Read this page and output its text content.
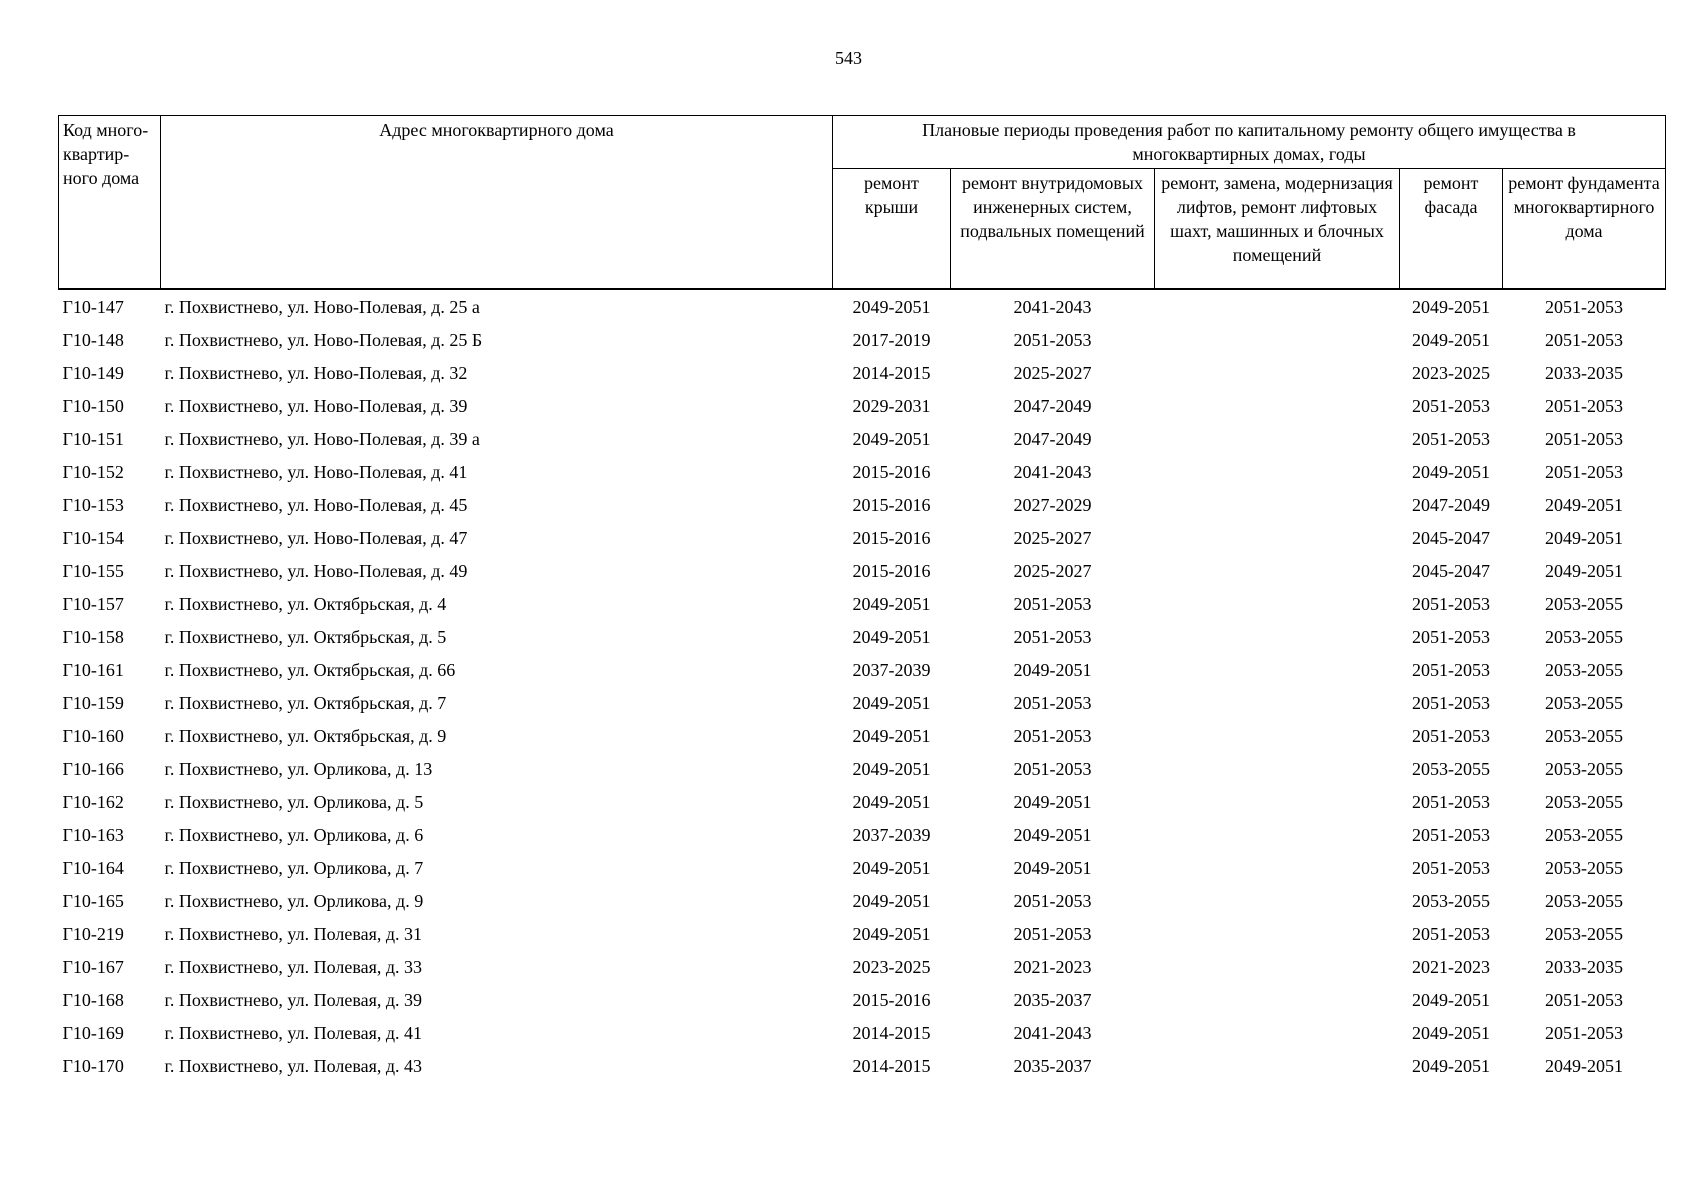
543
Код много-квартир-ного дома	Адрес многоквартирного дома	Плановые периоды проведения работ по капитальному ремонту общего имущества в многоквартирных домах, годы				
		ремонт крыши	ремонт внутридомовых инженерных систем, подвальных помещений	ремонт, замена, модернизация лифтов, ремонт лифтовых шахт, машинных и блочных помещений	ремонт фасада	ремонт фундамента многоквартирного дома
Г10-147	г. Похвистнево, ул. Ново-Полевая, д. 25 а	2049-2051	2041-2043		2049-2051	2051-2053
Г10-148	г. Похвистнево, ул. Ново-Полевая, д. 25 Б	2017-2019	2051-2053		2049-2051	2051-2053
Г10-149	г. Похвистнево, ул. Ново-Полевая, д. 32	2014-2015	2025-2027		2023-2025	2033-2035
Г10-150	г. Похвистнево, ул. Ново-Полевая, д. 39	2029-2031	2047-2049		2051-2053	2051-2053
Г10-151	г. Похвистнево, ул. Ново-Полевая, д. 39 а	2049-2051	2047-2049		2051-2053	2051-2053
Г10-152	г. Похвистнево, ул. Ново-Полевая, д. 41	2015-2016	2041-2043		2049-2051	2051-2053
Г10-153	г. Похвистнево, ул. Ново-Полевая, д. 45	2015-2016	2027-2029		2047-2049	2049-2051
Г10-154	г. Похвистнево, ул. Ново-Полевая, д. 47	2015-2016	2025-2027		2045-2047	2049-2051
Г10-155	г. Похвистнево, ул. Ново-Полевая, д. 49	2015-2016	2025-2027		2045-2047	2049-2051
Г10-157	г. Похвистнево, ул. Октябрьская, д. 4	2049-2051	2051-2053		2051-2053	2053-2055
Г10-158	г. Похвистнево, ул. Октябрьская, д. 5	2049-2051	2051-2053		2051-2053	2053-2055
Г10-161	г. Похвистнево, ул. Октябрьская, д. 66	2037-2039	2049-2051		2051-2053	2053-2055
Г10-159	г. Похвистнево, ул. Октябрьская, д. 7	2049-2051	2051-2053		2051-2053	2053-2055
Г10-160	г. Похвистнево, ул. Октябрьская, д. 9	2049-2051	2051-2053		2051-2053	2053-2055
Г10-166	г. Похвистнево, ул. Орликова, д. 13	2049-2051	2051-2053		2053-2055	2053-2055
Г10-162	г. Похвистнево, ул. Орликова, д. 5	2049-2051	2049-2051		2051-2053	2053-2055
Г10-163	г. Похвистнево, ул. Орликова, д. 6	2037-2039	2049-2051		2051-2053	2053-2055
Г10-164	г. Похвистнево, ул. Орликова, д. 7	2049-2051	2049-2051		2051-2053	2053-2055
Г10-165	г. Похвистнево, ул. Орликова, д. 9	2049-2051	2051-2053		2053-2055	2053-2055
Г10-219	г. Похвистнево, ул. Полевая, д. 31	2049-2051	2051-2053		2051-2053	2053-2055
Г10-167	г. Похвистнево, ул. Полевая, д. 33	2023-2025	2021-2023		2021-2023	2033-2035
Г10-168	г. Похвистнево, ул. Полевая, д. 39	2015-2016	2035-2037		2049-2051	2051-2053
Г10-169	г. Похвистнево, ул. Полевая, д. 41	2014-2015	2041-2043		2049-2051	2051-2053
Г10-170	г. Похвистнево, ул. Полевая, д. 43	2014-2015	2035-2037		2049-2051	2049-2051
